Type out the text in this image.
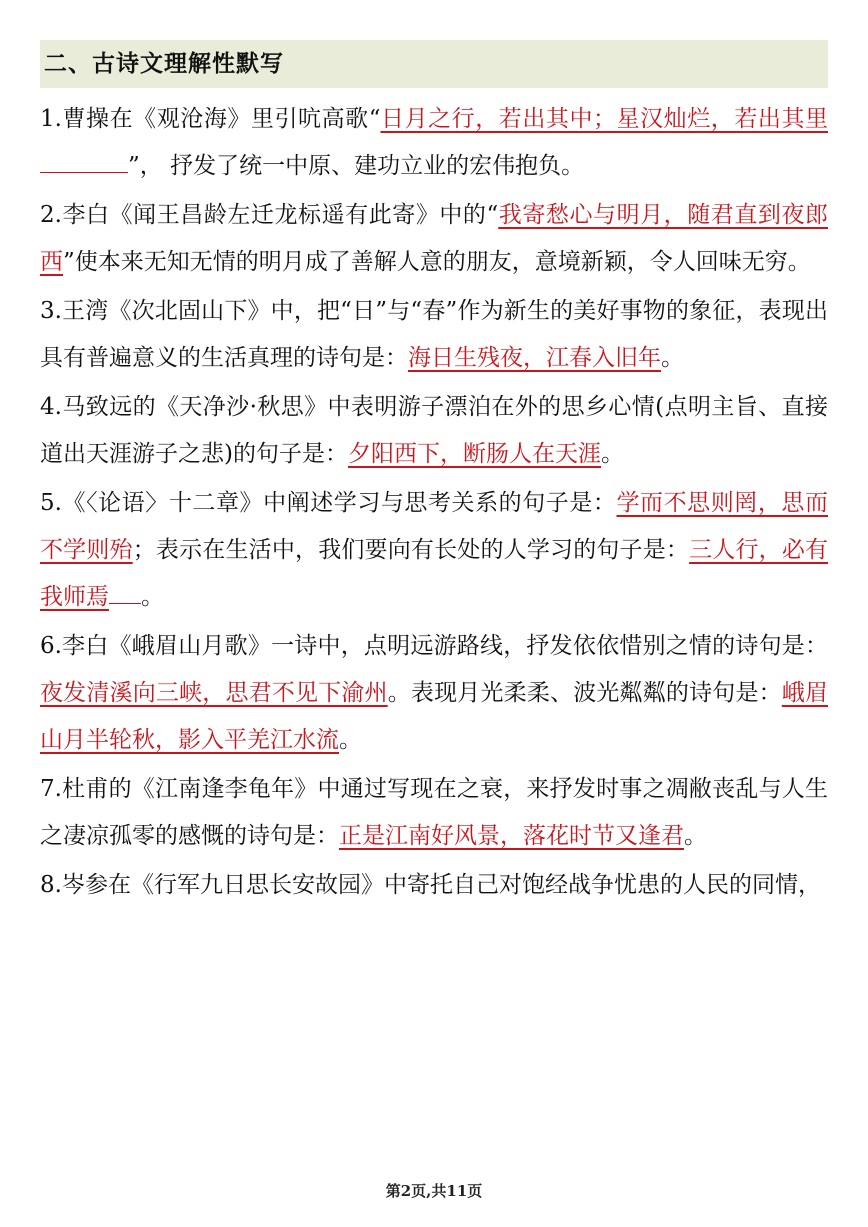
二、古诗文理解性默写

1.曹操在《观沧海》里引吭高歌“日月之行，若出其中；星汉灿烂，若出其里”， 抒发了统一中原、建功立业的宏伟抱负。

2.李白《闻王昌龄左迁龙标遥有此寄》中的“我寄愁心与明月，随君直到夜郎 西”使本来无知无情的明月成了善解人意的朋友，意境新颖，令人回味无穷。

3.王湾《次北固山下》中，把“日”与“春”作为新生的美好事物的象征，表现出具有普遍意义的生活真理的诗句是：海日生残夜，江春入旧年。

4.马致远的《天净沙·秋思》中表明游子漂泊在外的思乡心情(点明主旨、直接 道出天涯游子之悲)的句子是：夕阳西下，断肠人在天涯。

5.《〈论语〉十二章》中阐述学习与思考关系的句子是：学而不思则罔，思而不学则殆；表示在生活中，我们要向有长处的人学习的句子是：三人行，必有我师焉 。

6.李白《峨眉山月歌》一诗中，点明远游路线，抒发依依惜别之情的诗句是： 夜发清溪向三峡，思君不见下渝州。表现月光柔柔、波光粼粼的诗句是：峨眉山月半轮秋，影入平羌江水流。

7.杜甫的《江南逢李龟年》中通过写现在之衰，来抒发时事之凋敝丧乱与人生 之凄凉孤零的感慨的诗句是：正是江南好风景，落花时节又逢君。

8.岑参在《行军九日思长安故园》中寄托自己对饱经战争忧患的人民的同情，

第2页,共11页
